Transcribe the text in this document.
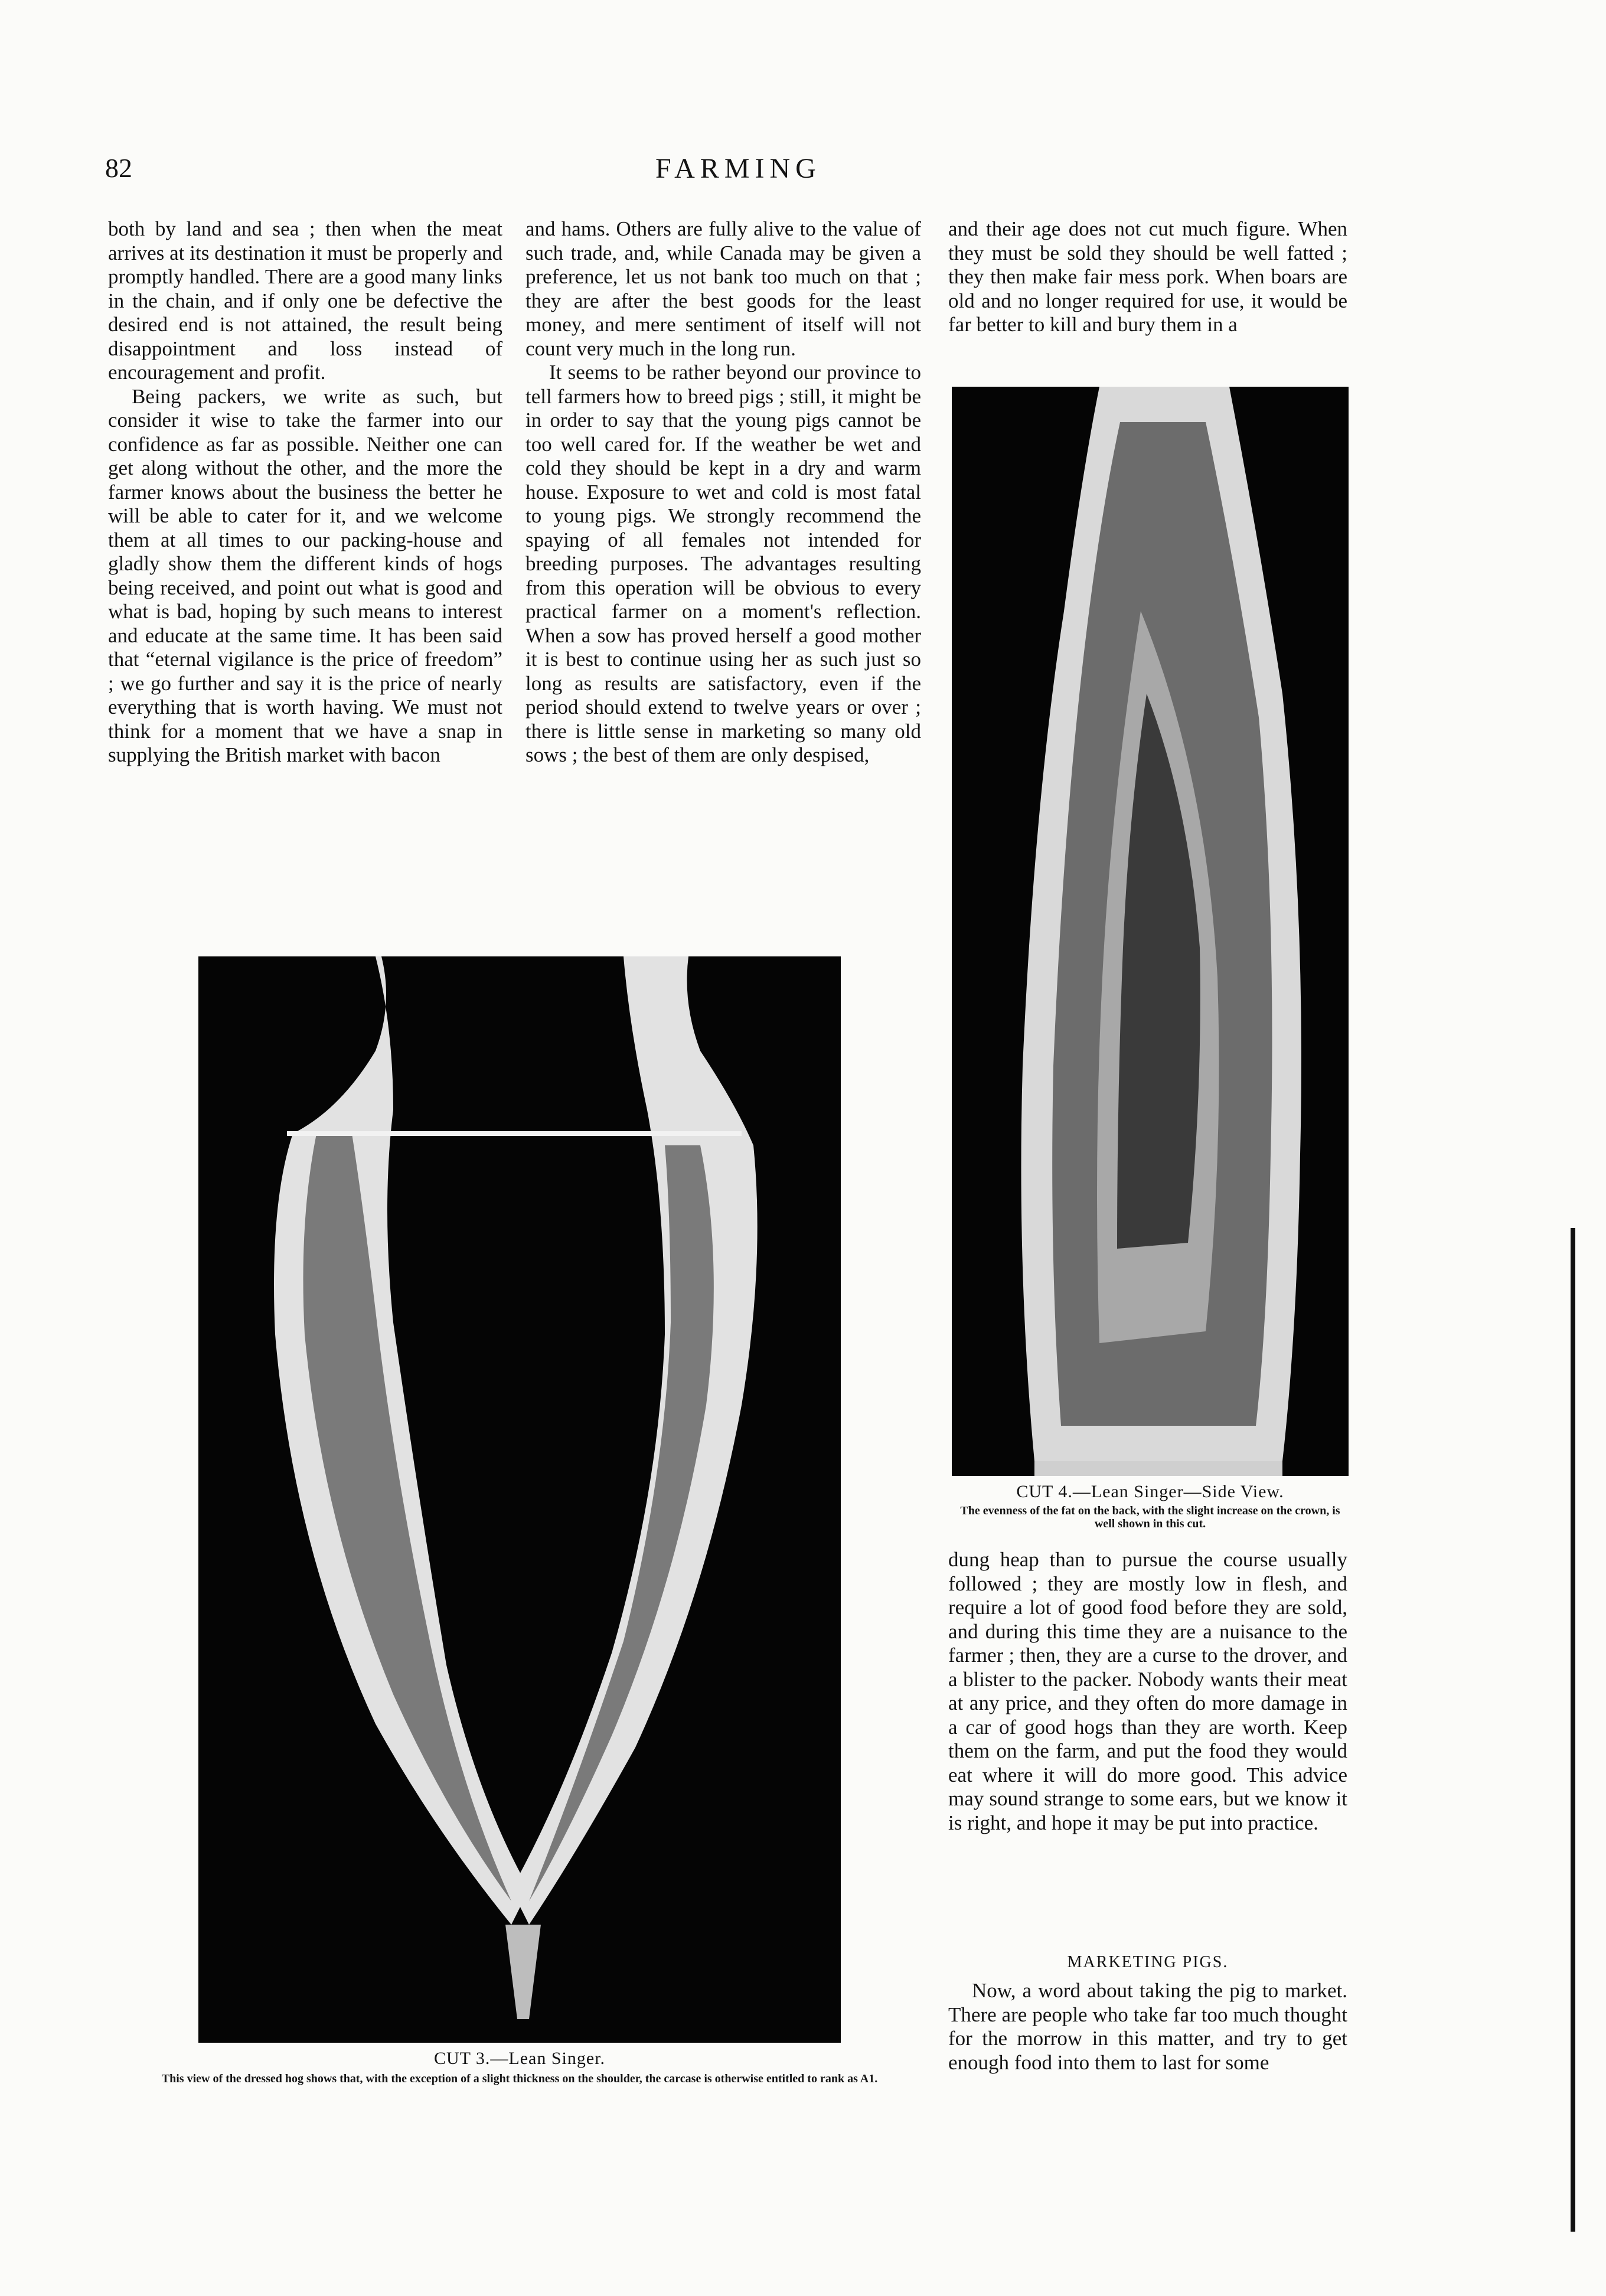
82	FARMING

both by land and sea ; then when the meat arrives at its destination it must be properly and promptly handled. There are a good many links in the chain, and if only one be defective the desired end is not attained, the result being disappointment and loss instead of encouragement and profit.

Being packers, we write as such, but consider it wise to take the farmer into our confidence as far as possible. Neither one can get along without the other, and the more the farmer knows about the business the better he will be able to cater for it, and we welcome them at all times to our packing-house and gladly show them the different kinds of hogs being received, and point out what is good and what is bad, hoping by such means to interest and educate at the same time. It has been said that “eternal vigilance is the price of freedom” ; we go further and say it is the price of nearly everything that is worth having. We must not think for a moment that we have a snap in supplying the British market with bacon

and hams. Others are fully alive to the value of such trade, and, while Canada may be given a preference, let us not bank too much on that ; they are after the best goods for the least money, and mere sentiment of itself will not count very much in the long run.

It seems to be rather beyond our province to tell farmers how to breed pigs ; still, it might be in order to say that the young pigs cannot be too well cared for. If the weather be wet and cold they should be kept in a dry and warm house. Exposure to wet and cold is most fatal to young pigs. We strongly recommend the spaying of all females not intended for breeding purposes. The advantages resulting from this operation will be obvious to every practical farmer on a moment's reflection. When a sow has proved herself a good mother it is best to continue using her as such just so long as results are satisfactory, even if the period should extend to twelve years or over ; there is little sense in marketing so many old sows ; the best of them are only despised,

and their age does not cut much figure. When they must be sold they should be well fatted ; they then make fair mess pork. When boars are old and no longer required for use, it would be far better to kill and bury them in a

CUT 4.—Lean Singer—Side View.
The evenness of the fat on the back, with the slight increase on the crown, is well shown in this cut.

dung heap than to pursue the course usually followed ; they are mostly low in flesh, and require a lot of good food before they are sold, and during this time they are a nuisance to the farmer ; then, they are a curse to the drover, and a blister to the packer. Nobody wants their meat at any price, and they often do more damage in a car of good hogs than they are worth. Keep them on the farm, and put the food they would eat where it will do more good. This advice may sound strange to some ears, but we know it is right, and hope it may be put into practice.

MARKETING PIGS.

Now, a word about taking the pig to market. There are people who take far too much thought for the morrow in this matter, and try to get enough food into them to last for some

CUT 3.—Lean Singer.
This view of the dressed hog shows that, with the exception of a slight thickness on the shoulder, the carcase is otherwise entitled to rank as A1.
